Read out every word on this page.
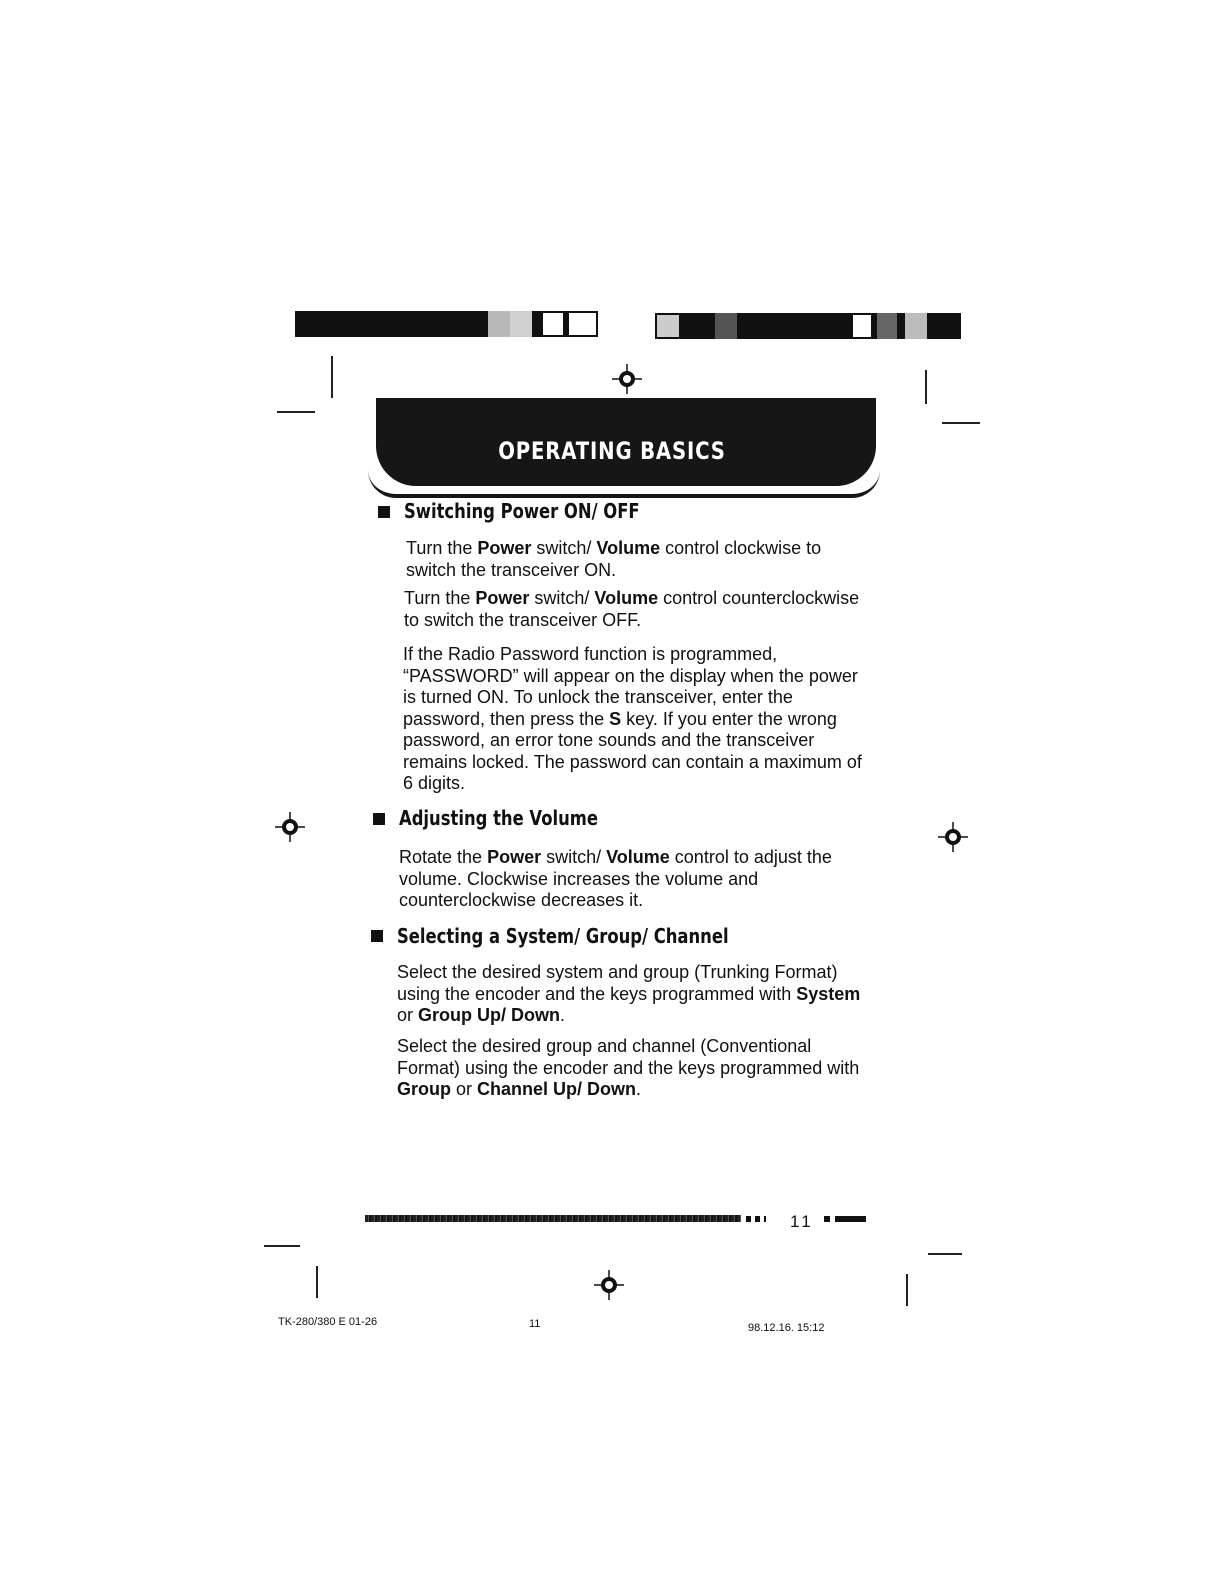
OPERATING BASICS
Switching Power ON/ OFF
Turn the Power switch/ Volume control clockwise to switch the transceiver ON.
Turn the Power switch/ Volume control counterclockwise to switch the transceiver OFF.
If the Radio Password function is programmed, “PASSWORD” will appear on the display when the power is turned ON. To unlock the transceiver, enter the password, then press the S key. If you enter the wrong password, an error tone sounds and the transceiver remains locked. The password can contain a maximum of 6 digits.
Adjusting the Volume
Rotate the Power switch/ Volume control to adjust the volume. Clockwise increases the volume and counterclockwise decreases it.
Selecting a System/ Group/ Channel
Select the desired system and group (Trunking Format) using the encoder and the keys programmed with System or Group Up/ Down.
Select the desired group and channel (Conventional Format) using the encoder and the keys programmed with Group or Channel Up/ Down.
11
TK-280/380 E 01-26	11	98.12.16. 15:12
